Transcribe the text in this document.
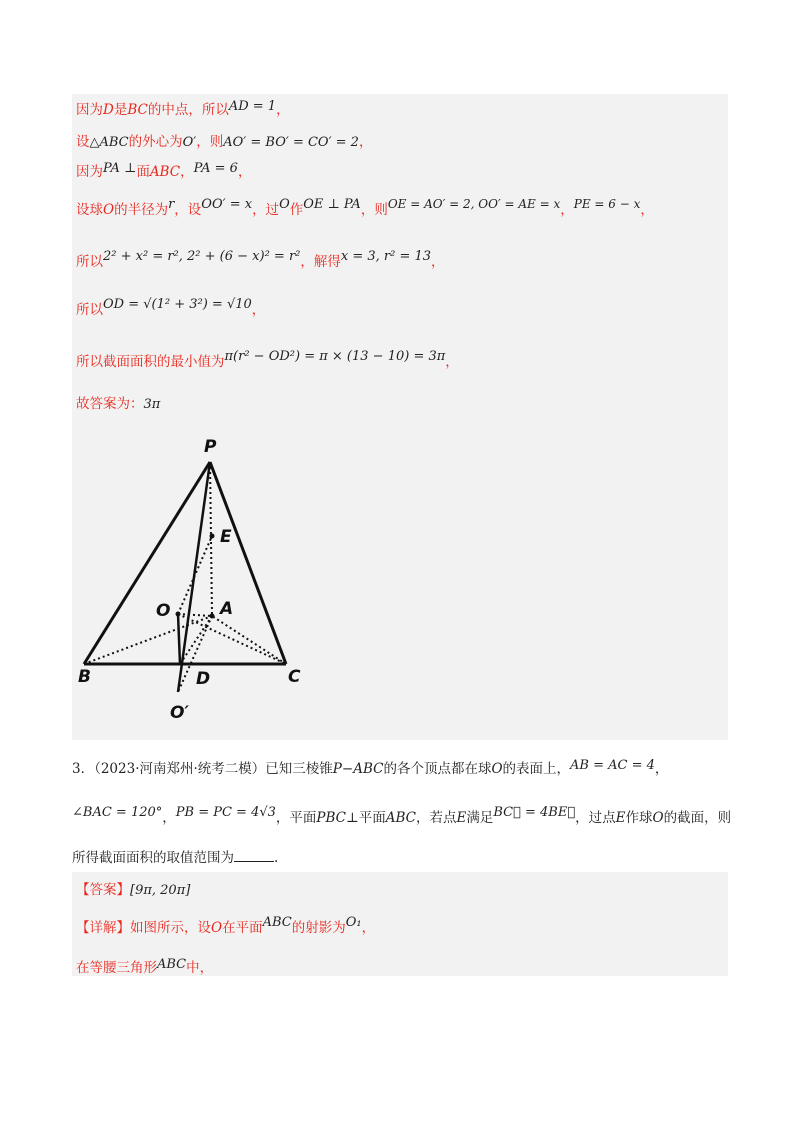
因为D是BC的中点，所以AD = 1，
设△ABC的外心为O′，则AO′ = BO′ = CO′ = 2，
因为PA ⊥面ABC，PA = 6，
设球O的半径为r，设OO′ = x，过O作OE ⊥ PA，则OE = AO′ = 2, OO′ = AE = x，PE = 6 − x，
所以2² + x² = r², 2² + (6 − x)² = r²，解得x = 3, r² = 13，
所以OD = √(1² + 3²) = √10，
所以截面面积的最小值为π(r² − OD²) = π × (13 − 10) = 3π，
故答案为：3π
P
E
O	A
B	D	C
O′
3．（2023·河南郑州·统考二模）已知三棱锥P−ABC的各个顶点都在球O的表面上，AB = AC = 4，
∠BAC = 120°，PB = PC = 4√3，平面PBC⊥平面ABC，若点E满足BC⃗ = 4BE⃗，过点E作球O的截面，则
所得截面面积的取值范围为	.
【答案】[9π, 20π]
【详解】如图所示，设O在平面ABC的射影为O₁，
在等腰三角形ABC中，
